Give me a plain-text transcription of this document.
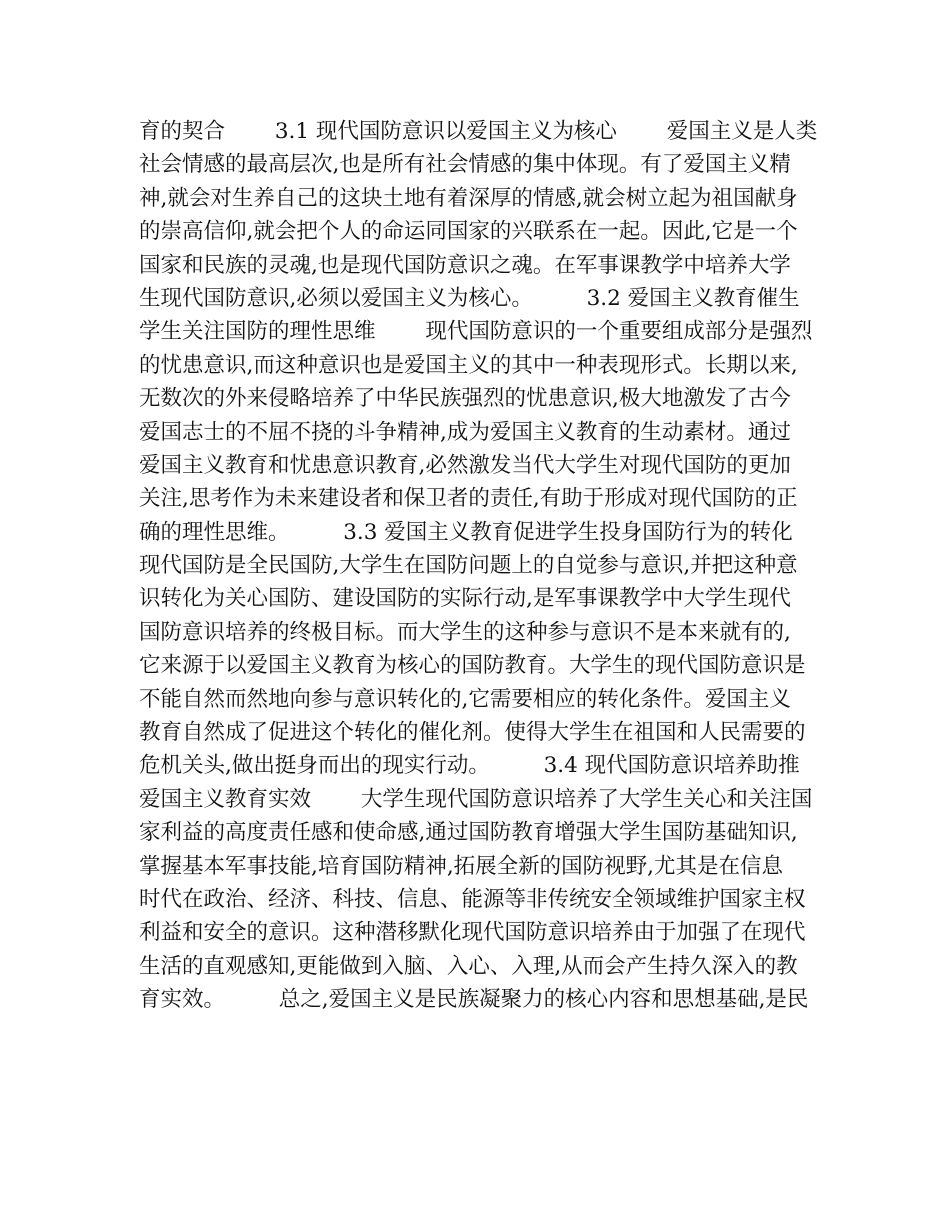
育的契合　　 3.1 现代国防意识以爱国主义为核心　　 爱国主义是人类
社会情感的最高层次,也是所有社会情感的集中体现。有了爱国主义精
神,就会对生养自己的这块土地有着深厚的情感,就会树立起为祖国献身
的崇高信仰,就会把个人的命运同国家的兴联系在一起。因此,它是一个
国家和民族的灵魂,也是现代国防意识之魂。在军事课教学中培养大学
生现代国防意识,必须以爱国主义为核心。　　　3.2 爱国主义教育催生
学生关注国防的理性思维　　 现代国防意识的一个重要组成部分是强烈
的忧患意识,而这种意识也是爱国主义的其中一种表现形式。长期以来,
无数次的外来侵略培养了中华民族强烈的忧患意识,极大地激发了古今
爱国志士的不屈不挠的斗争精神,成为爱国主义教育的生动素材。通过
爱国主义教育和忧患意识教育,必然激发当代大学生对现代国防的更加
关注,思考作为未来建设者和保卫者的责任,有助于形成对现代国防的正
确的理性思维。　　　3.3 爱国主义教育促进学生投身国防行为的转化
现代国防是全民国防,大学生在国防问题上的自觉参与意识,并把这种意
识转化为关心国防、建设国防的实际行动,是军事课教学中大学生现代
国防意识培养的终极目标。而大学生的这种参与意识不是本来就有的,
它来源于以爱国主义教育为核心的国防教育。大学生的现代国防意识是
不能自然而然地向参与意识转化的,它需要相应的转化条件。爱国主义
教育自然成了促进这个转化的催化剂。使得大学生在祖国和人民需要的
危机关头,做出挺身而出的现实行动。　　　3.4 现代国防意识培养助推
爱国主义教育实效　　 大学生现代国防意识培养了大学生关心和关注国
家利益的高度责任感和使命感,通过国防教育增强大学生国防基础知识,
掌握基本军事技能,培育国防精神,拓展全新的国防视野,尤其是在信息
时代在政治、经济、科技、信息、能源等非传统安全领域维护国家主权
利益和安全的意识。这种潜移默化现代国防意识培养由于加强了在现代
生活的直观感知,更能做到入脑、入心、入理,从而会产生持久深入的教
育实效。　　　总之,爱国主义是民族凝聚力的核心内容和思想基础,是民
